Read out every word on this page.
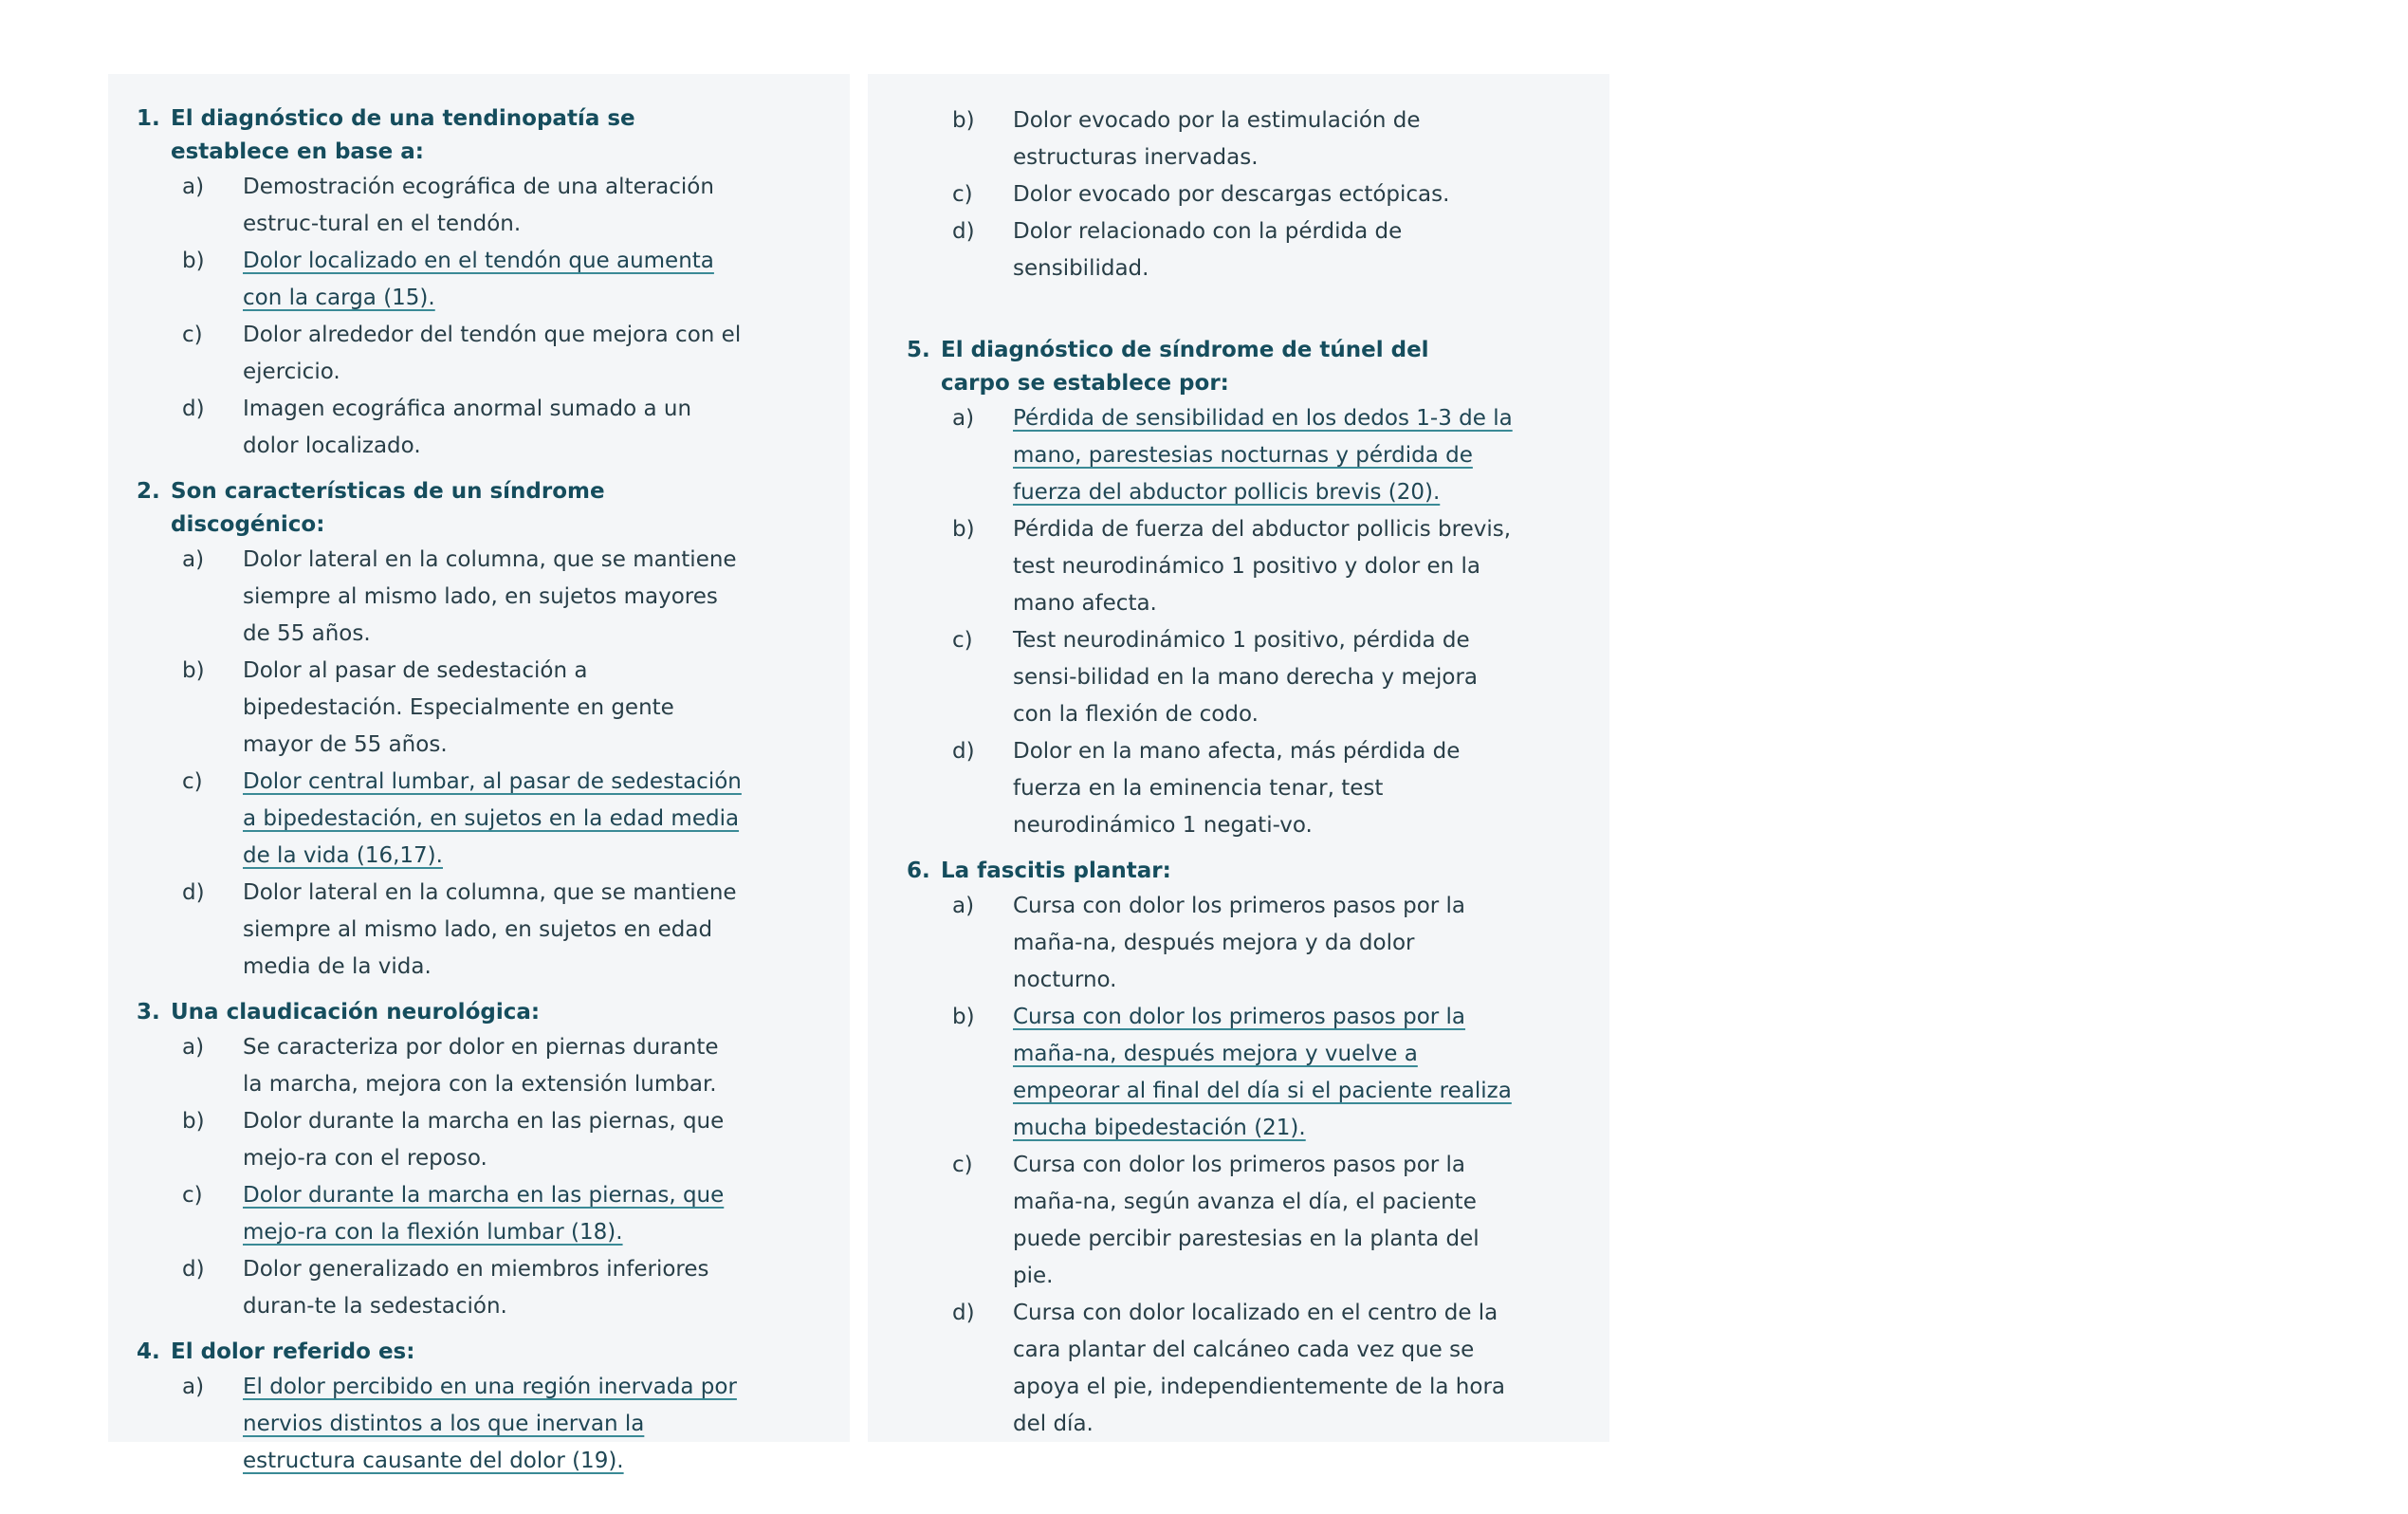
1. El diagnóstico de una tendinopatía se establece en base a:
a)	Demostración ecográfica de una alteración estruc-tural en el tendón.
b)	Dolor localizado en el tendón que aumenta con la carga (15).
c)	Dolor alrededor del tendón que mejora con el ejercicio.
d)	Imagen ecográfica anormal sumado a un dolor localizado.
2. Son características de un síndrome discogénico:
a)	Dolor lateral en la columna, que se mantiene siempre al mismo lado, en sujetos mayores de 55 años.
b)	Dolor al pasar de sedestación a bipedestación. Especialmente en gente mayor de 55 años.
c)	Dolor central lumbar, al pasar de sedestación a bipedestación, en sujetos en la edad media de la vida (16,17).
d)	Dolor lateral en la columna, que se mantiene siempre al mismo lado, en sujetos en edad media de la vida.
3. Una claudicación neurológica:
a)	Se caracteriza por dolor en piernas durante la marcha, mejora con la extensión lumbar.
b)	Dolor durante la marcha en las piernas, que mejo-ra con el reposo.
c)	Dolor durante la marcha en las piernas, que mejo-ra con la flexión lumbar (18).
d)	Dolor generalizado en miembros inferiores duran-te la sedestación.
4. El dolor referido es:
a)	El dolor percibido en una región inervada por nervios distintos a los que inervan la estructura causante del dolor (19).
b)	Dolor evocado por la estimulación de estructuras inervadas.
c)	Dolor evocado por descargas ectópicas.
d)	Dolor relacionado con la pérdida de sensibilidad.
5. El diagnóstico de síndrome de túnel del carpo se establece por:
a)	Pérdida de sensibilidad en los dedos 1-3 de la mano, parestesias nocturnas y pérdida de fuerza del abductor pollicis brevis (20).
b)	Pérdida de fuerza del abductor pollicis brevis, test neurodinámico 1 positivo y dolor en la mano afecta.
c)	Test neurodinámico 1 positivo, pérdida de sensi-bilidad en la mano derecha y mejora con la flexión de codo.
d)	Dolor en la mano afecta, más pérdida de fuerza en la eminencia tenar, test neurodinámico 1 negati-vo.
6. La fascitis plantar:
a)	Cursa con dolor los primeros pasos por la maña-na, después mejora y da dolor nocturno.
b)	Cursa con dolor los primeros pasos por la maña-na, después mejora y vuelve a empeorar al final del día si el paciente realiza mucha bipedestación (21).
c)	Cursa con dolor los primeros pasos por la maña-na, según avanza el día, el paciente puede percibir parestesias en la planta del pie.
d)	Cursa con dolor localizado en el centro de la cara plantar del calcáneo cada vez que se apoya el pie, independientemente de la hora del día.
